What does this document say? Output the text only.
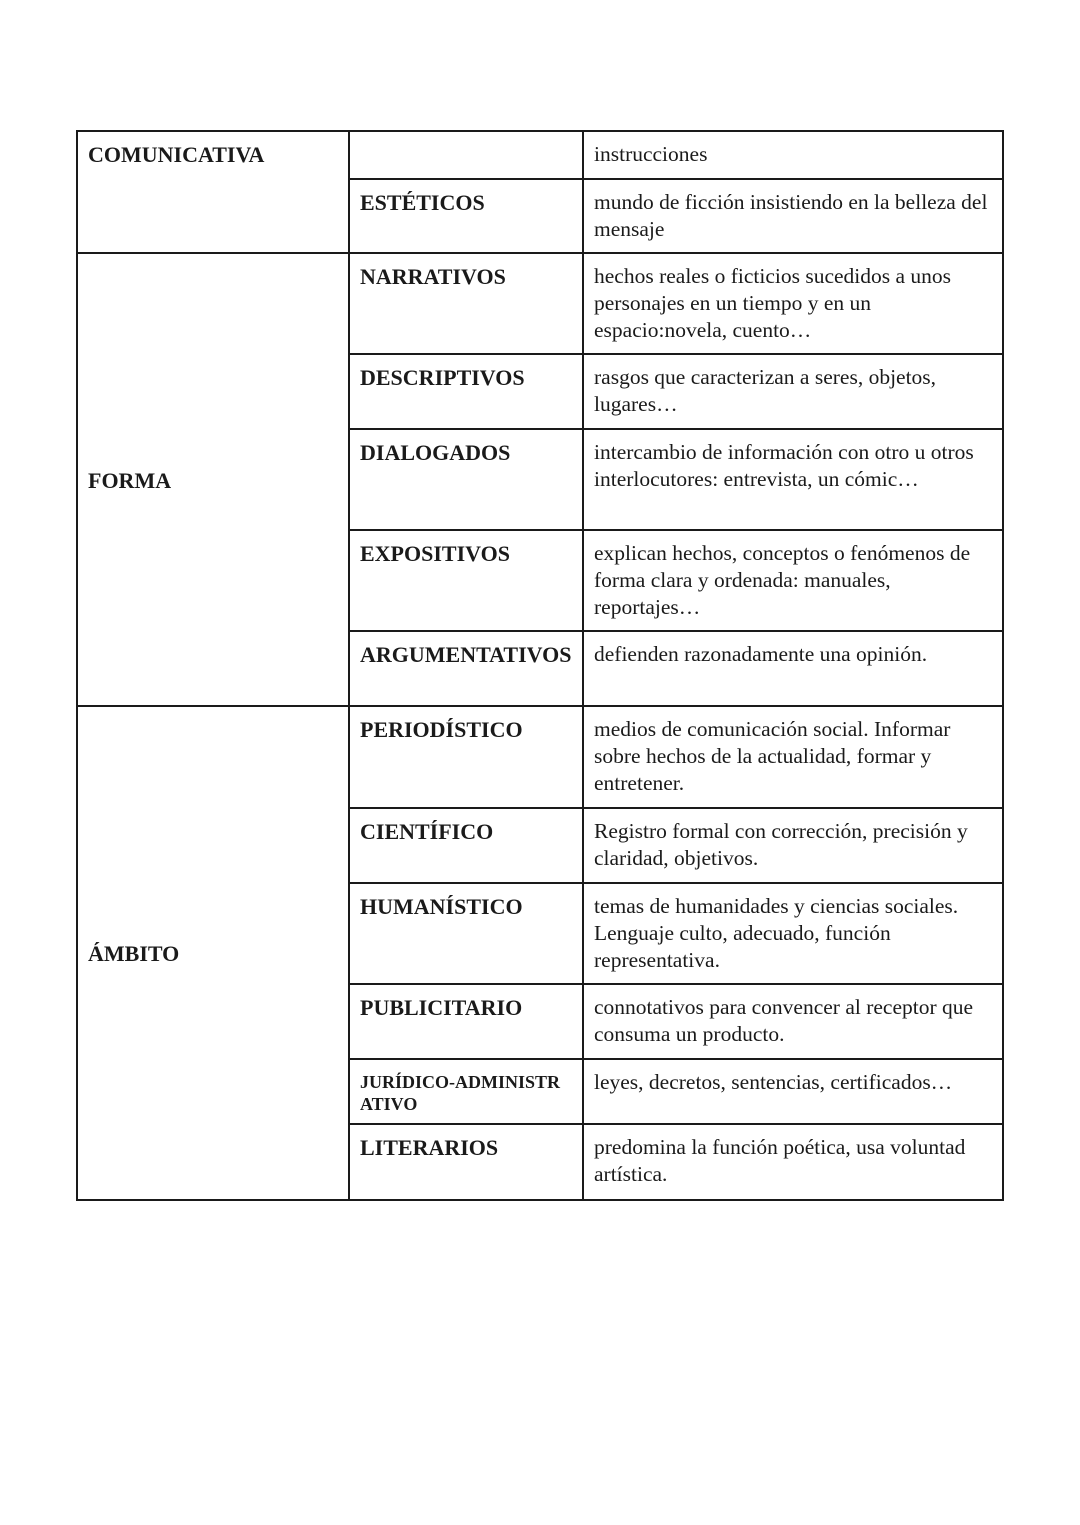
COMUNICATIVA		instrucciones
	ESTÉTICOS	mundo de ficción insistiendo en la belleza del mensaje
FORMA	NARRATIVOS	hechos reales o ficticios sucedidos a unos personajes en un tiempo y en un espacio:novela, cuento…
	DESCRIPTIVOS	rasgos que caracterizan a seres, objetos, lugares…
	DIALOGADOS	intercambio de información con otro u otros interlocutores: entrevista, un cómic…
	EXPOSITIVOS	explican hechos, conceptos o fenómenos de forma clara y ordenada: manuales, reportajes…
	ARGUMENTATIVOS	defienden razonadamente una opinión.
ÁMBITO	PERIODÍSTICO	medios de comunicación social. Informar sobre hechos de la actualidad, formar y entretener.
	CIENTÍFICO	Registro formal con corrección, precisión y claridad, objetivos.
	HUMANÍSTICO	temas de humanidades y ciencias sociales. Lenguaje culto, adecuado, función representativa.
	PUBLICITARIO	connotativos para convencer al receptor que consuma un producto.
	JURÍDICO-ADMINISTRATIVO	leyes, decretos, sentencias, certificados…
	LITERARIOS	predomina la función poética, usa voluntad artística.
